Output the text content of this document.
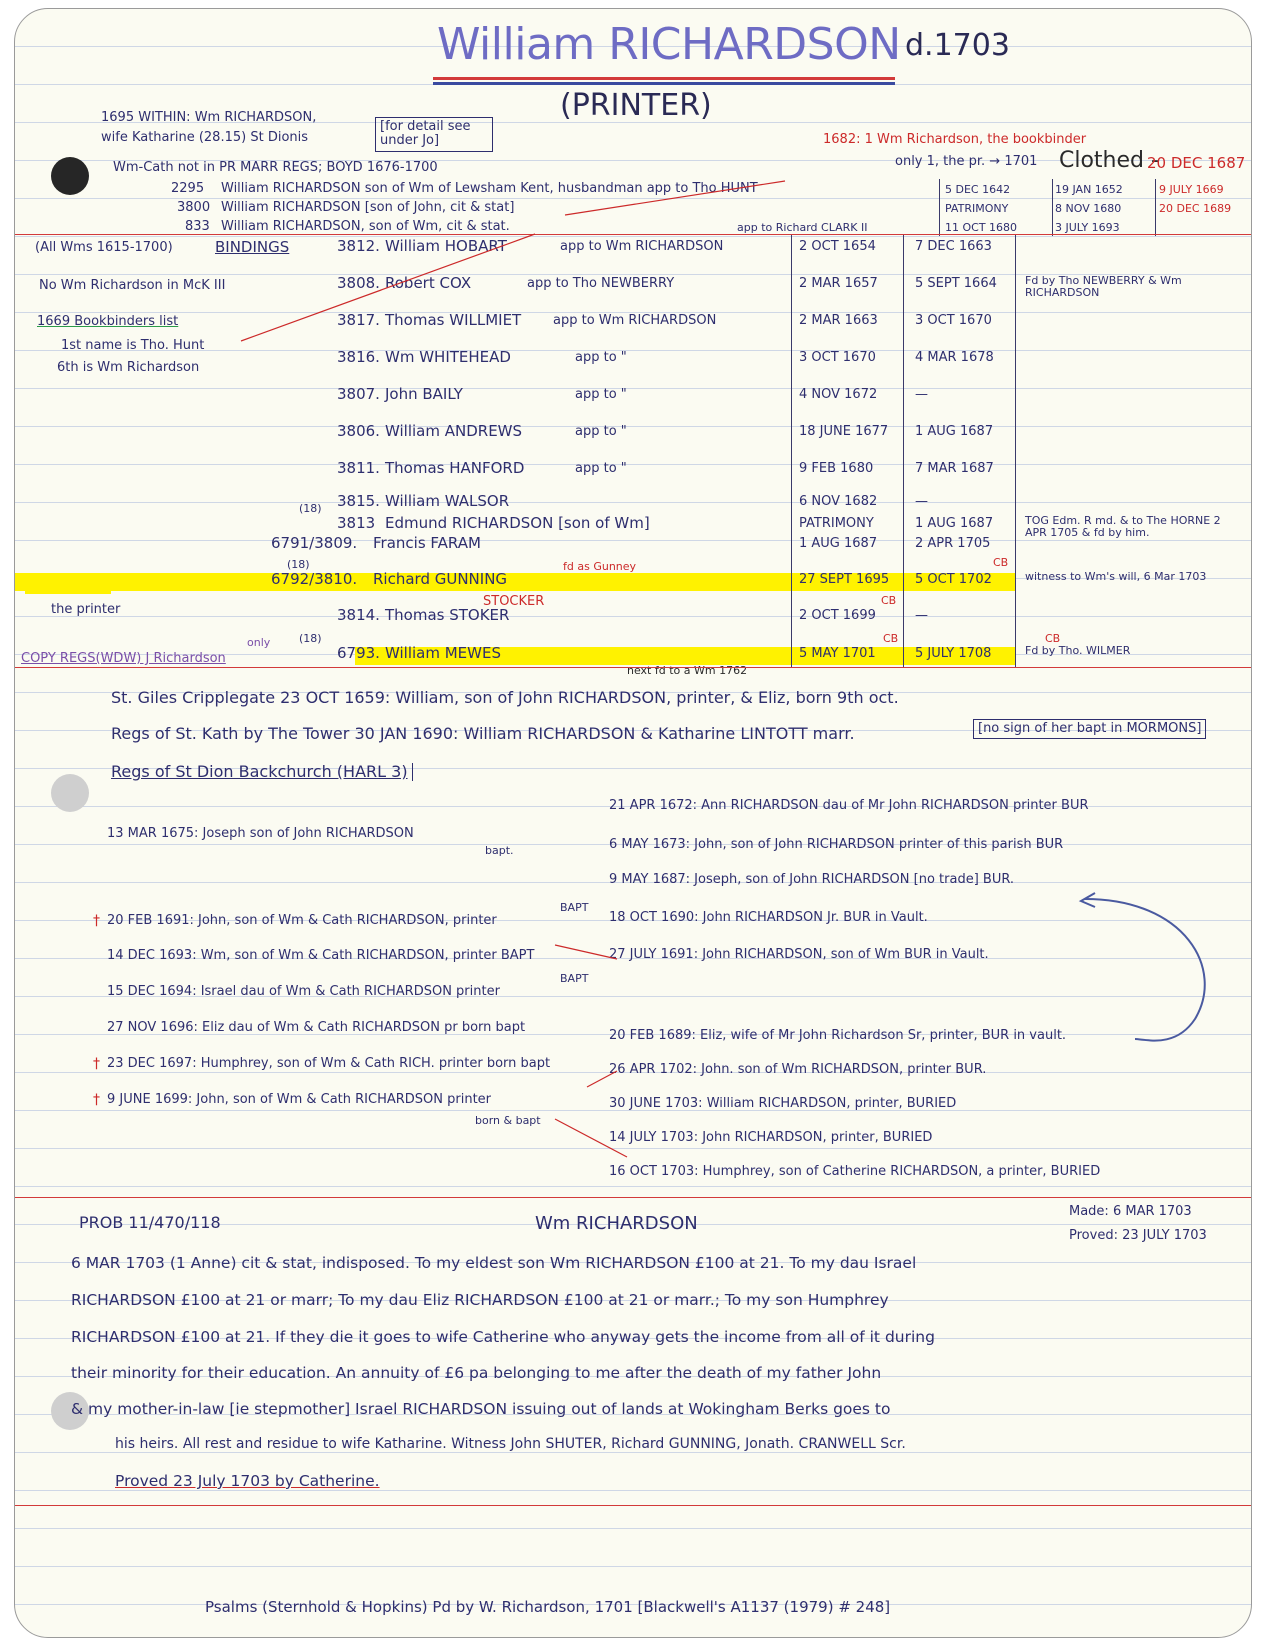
William RICHARDSON d.1703
(PRINTER)
1695 WITHIN: Wm RICHARDSON,
wife Katharine (28.15) St Dionis
[for detail see under Jo]	1682: 1 Wm Richardson, the bookbinder
only 1, the pr. → 1701 Clothed -
20 DEC 1687
Wm-Cath not in PR MARR REGS; BOYD 1676-1700
2295 William RICHARDSON son of Wm of Lewsham Kent, husbandman app to Tho HUNT	5 DEC 1642	19 JAN 1652	9 JULY 1669
3800 William RICHARDSON [son of John, cit & stat]	PATRIMONY	8 NOV 1680	20 DEC 1689
833 William RICHARDSON, son of Wm, cit & stat.	app to Richard CLARK II	11 OCT 1680	3 JULY 1693
(All Wms 1615-1700)	BINDINGS
No Wm Richardson in McK III
1669 Bookbinders list
1st name is Tho. Hunt
6th is Wm Richardson
the printer
COPY REGS(WDW) J Richardson
only
3812. William HOBART	app to Wm RICHARDSON	2 OCT 1654	7 DEC 1663
3808. Robert COX	app to Tho NEWBERRY	2 MAR 1657	5 SEPT 1664	Fd by Tho NEWBERRY & Wm RICHARDSON
3817. Thomas WILLMIET app to Wm RICHARDSON	2 MAR 1663	3 OCT 1670
3816. Wm WHITEHEAD	app to "	3 OCT 1670	4 MAR 1678
3807. John BAILY	app to "	4 NOV 1672	—
3806. William ANDREWS	app to "	18 JUNE 1677 1 AUG 1687
3811. Thomas HANFORD	app to "	9 FEB 1680	7 MAR 1687
3815. William WALSOR	6 NOV 1682	—
(18)
3813 Edmund RICHARDSON [son of Wm]	PATRIMONY	1 AUG 1687	TOG Edm. R md. & to The HORNE 2 APR 1705 & fd by him.
6791/3809. Francis FARAM	1 AUG 1687	2 APR 1705
(18)
6792/3810. Richard GUNNING	27 SEPT 1695 5 OCT 1702	witness to Wm's will, 6 Mar 1703
3814. Thomas STOKER	2 OCT 1699	—
(18)
6793. William MEWES	5 MAY 1701	5 JULY 1708	Fd by Tho. WILMER
fd as Gunney
STOCKER
CB
CB
CB	CB
next fd to a Wm 1762
St. Giles Cripplegate 23 OCT 1659: William, son of John RICHARDSON, printer, & Eliz, born 9th oct.
Regs of St. Kath by The Tower 30 JAN 1690: William RICHARDSON & Katharine LINTOTT marr.	[no sign of her bapt in MORMONS]
Regs of St Dion Backchurch (HARL 3)
13 MAR 1675: Joseph son of John RICHARDSON
bapt.
† 20 FEB 1691: John, son of Wm & Cath RICHARDSON, printer
BAPT
14 DEC 1693: Wm, son of Wm & Cath RICHARDSON, printer BAPT
15 DEC 1694: Israel dau of Wm & Cath RICHARDSON printer
BAPT
27 NOV 1696: Eliz dau of Wm & Cath RICHARDSON pr born bapt
† 23 DEC 1697: Humphrey, son of Wm & Cath RICH. printer born bapt
† 9 JUNE 1699: John, son of Wm & Cath RICHARDSON printer
born & bapt
21 APR 1672: Ann RICHARDSON dau of Mr John RICHARDSON printer BUR
6 MAY 1673: John, son of John RICHARDSON printer of this parish BUR
9 MAY 1687: Joseph, son of John RICHARDSON [no trade] BUR.
18 OCT 1690: John RICHARDSON Jr. BUR in Vault.
27 JULY 1691: John RICHARDSON, son of Wm BUR in Vault.
20 FEB 1689: Eliz, wife of Mr John Richardson Sr, printer, BUR in vault.
26 APR 1702: John. son of Wm RICHARDSON, printer BUR.
30 JUNE 1703: William RICHARDSON, printer, BURIED
14 JULY 1703: John RICHARDSON, printer, BURIED
16 OCT 1703: Humphrey, son of Catherine RICHARDSON, a printer, BURIED
PROB 11/470/118	Wm RICHARDSON
Made: 6 MAR 1703
Proved: 23 JULY 1703
6 MAR 1703 (1 Anne) cit & stat, indisposed. To my eldest son Wm RICHARDSON £100 at 21. To my dau Israel
RICHARDSON £100 at 21 or marr; To my dau Eliz RICHARDSON £100 at 21 or marr.; To my son Humphrey
RICHARDSON £100 at 21. If they die it goes to wife Catherine who anyway gets the income from all of it during
their minority for their education. An annuity of £6 pa belonging to me after the death of my father John
& my mother-in-law [ie stepmother] Israel RICHARDSON issuing out of lands at Wokingham Berks goes to
his heirs. All rest and residue to wife Katharine. Witness John SHUTER, Richard GUNNING, Jonath. CRANWELL Scr.
Proved 23 July 1703 by Catherine.
Psalms (Sternhold & Hopkins) Pd by W. Richardson, 1701 [Blackwell's A1137 (1979) # 248]
